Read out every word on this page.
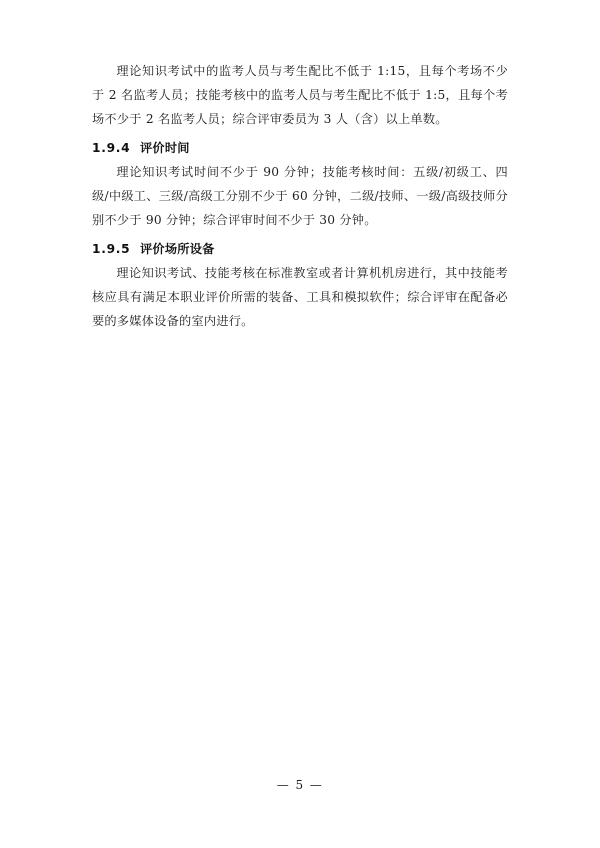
理论知识考试中的监考人员与考生配比不低于 1:15，且每个考场不少于 2 名监考人员；技能考核中的监考人员与考生配比不低于 1:5，且每个考场不少于 2 名监考人员；综合评审委员为 3 人（含）以上单数。

1.9.4 评价时间

理论知识考试时间不少于 90 分钟；技能考核时间：五级/初级工、四级/中级工、三级/高级工分别不少于 60 分钟，二级/技师、一级/高级技师分别不少于 90 分钟；综合评审时间不少于 30 分钟。

1.9.5 评价场所设备

理论知识考试、技能考核在标准教室或者计算机机房进行，其中技能考核应具有满足本职业评价所需的装备、工具和模拟软件；综合评审在配备必要的多媒体设备的室内进行。

— 5 —
